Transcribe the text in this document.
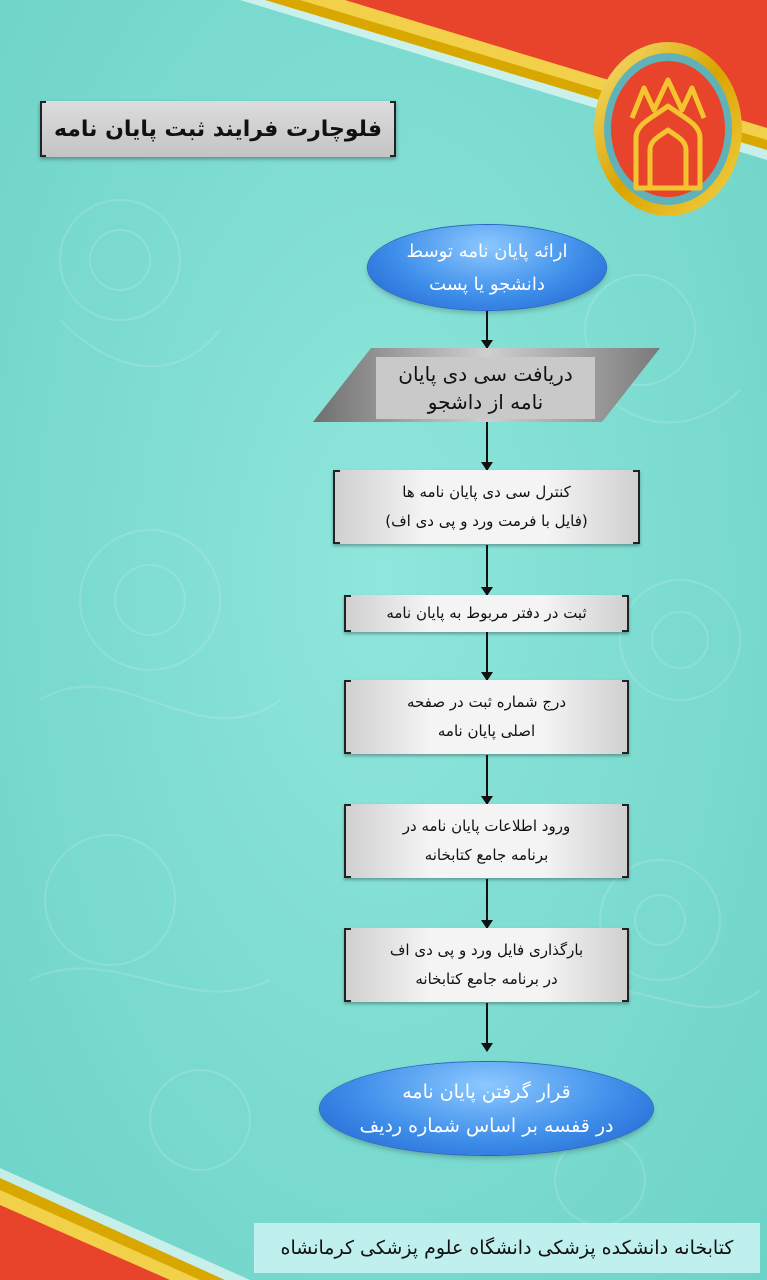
فلوچارت فرایند ثبت پایان نامه
ارائه پایان نامه توسط
دانشجو یا پست
دریافت سی دی پایان
نامه از داشجو
کنترل سی دی پایان نامه ها
(فایل با فرمت ورد و پی دی اف)
ثبت در دفتر مربوط به پایان نامه
درج شماره ثبت در صفحه
اصلی پایان نامه
ورود اطلاعات پایان نامه در
برنامه جامع کتابخانه
بارگذاری فایل ورد و پی دی اف
در برنامه جامع کتابخانه
قرار گرفتن پایان نامه
در قفسه بر اساس شماره ردیف
کتابخانه دانشکده پزشکی دانشگاه علوم پزشکی کرمانشاه
